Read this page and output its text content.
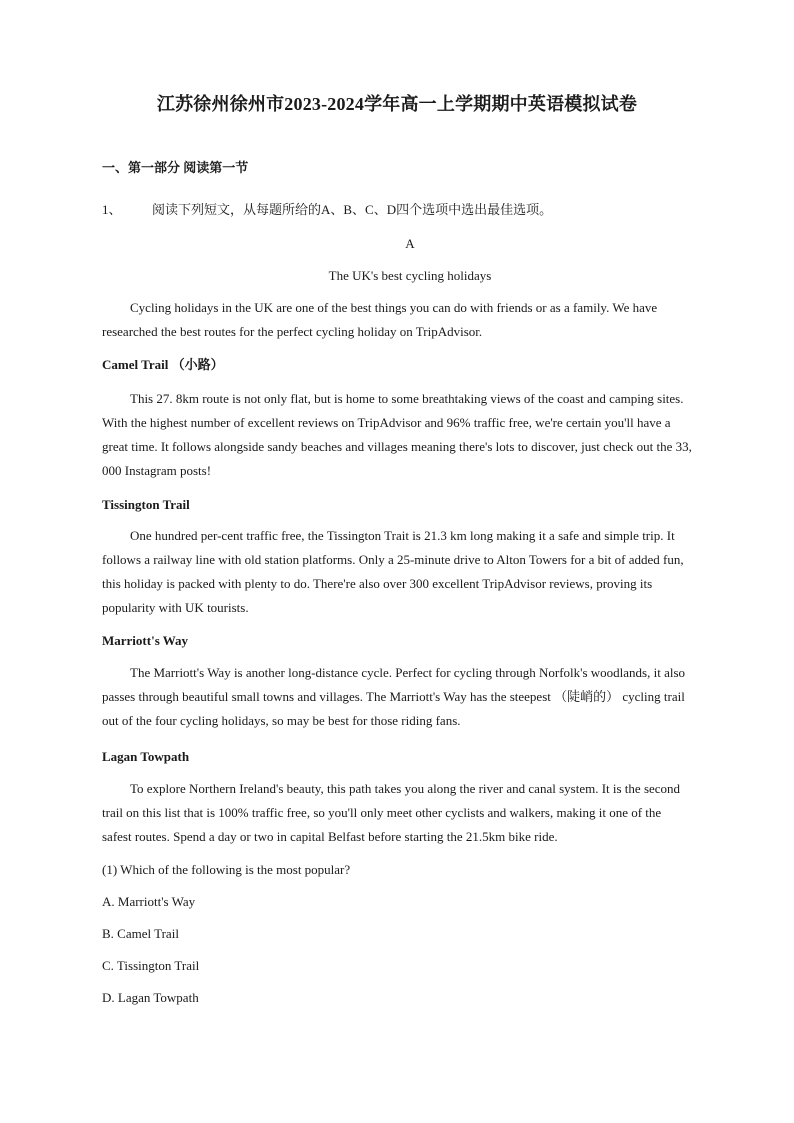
江苏徐州徐州市2023-2024学年高一上学期期中英语模拟试卷
一、第一部分 阅读第一节
1、 阅读下列短文，从每题所给的A、B、C、D四个选项中选出最佳选项。
A
The UK's best cycling holidays

Cycling holidays in the UK are one of the best things you can do with friends or as a family. We have researched the best routes for the perfect cycling holiday on TripAdvisor.

Camel Trail （小路）

This 27. 8km route is not only flat, but is home to some breathtaking views of the coast and camping sites. With the highest number of excellent reviews on TripAdvisor and 96% traffic free, we're certain you'll have a great time. It follows alongside sandy beaches and villages meaning there's lots to discover, just check out the 33, 000 Instagram posts!

Tissington Trail

One hundred per-cent traffic free, the Tissington Trait is 21.3 km long making it a safe and simple trip. It follows a railway line with old station platforms. Only a 25-minute drive to Alton Towers for a bit of added fun, this holiday is packed with plenty to do. There're also over 300 excellent TripAdvisor reviews, proving its popularity with UK tourists.

Marriott's Way

The Marriott's Way is another long-distance cycle. Perfect for cycling through Norfolk's woodlands, it also passes through beautiful small towns and villages. The Marriott's Way has the steepest （陡峭的） cycling trail out of the four cycling holidays, so may be best for those riding fans.

Lagan Towpath

To explore Northern Ireland's beauty, this path takes you along the river and canal system. It is the second trail on this list that is 100% traffic free, so you'll only meet other cyclists and walkers, making it one of the safest routes. Spend a day or two in capital Belfast before starting the 21.5km bike ride.

(1) Which of the following is the most popular?
A. Marriott's Way
B. Camel Trail
C. Tissington Trail
D. Lagan Towpath
